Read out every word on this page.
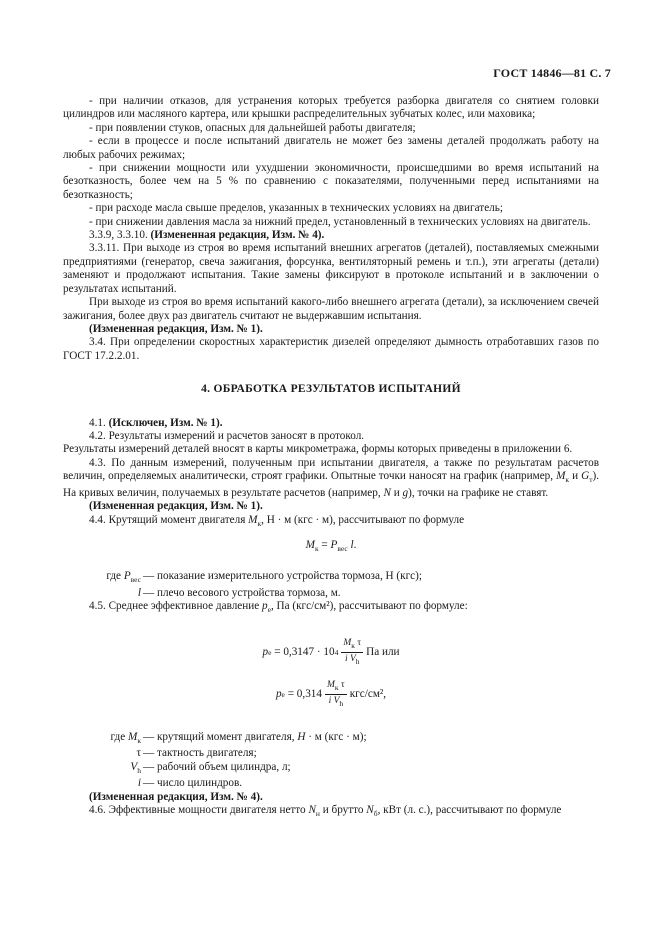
ГОСТ 14846—81 С. 7

- при наличии отказов, для устранения которых требуется разборка двигателя со снятием головки цилиндров или масляного картера, или крышки распределительных зубчатых колес, или маховика;

- при появлении стуков, опасных для дальнейшей работы двигателя;

- если в процессе и после испытаний двигатель не может без замены деталей продолжать работу на любых рабочих режимах;

- при снижении мощности или ухудшении экономичности, происшедшими во время испытаний на безотказность, более чем на 5 % по сравнению с показателями, полученными перед испытаниями на безотказность;

- при расходе масла свыше пределов, указанных в технических условиях на двигатель;

- при снижении давления масла за нижний предел, установленный в технических условиях на двигатель.

3.3.9, 3.3.10. (Измененная редакция, Изм. № 4).

3.3.11. При выходе из строя во время испытаний внешних агрегатов (деталей), поставляемых смежными предприятиями (генератор, свеча зажигания, форсунка, вентиляторный ремень и т.п.), эти агрегаты (детали) заменяют и продолжают испытания. Такие замены фиксируют в протоколе испытаний и в заключении о результатах испытаний.

При выходе из строя во время испытаний какого-либо внешнего агрегата (детали), за исключением свечей зажигания, более двух раз двигатель считают не выдержавшим испытания.

(Измененная редакция, Изм. № 1).

3.4. При определении скоростных характеристик дизелей определяют дымность отработавших газов по ГОСТ 17.2.2.01.

4. ОБРАБОТКА РЕЗУЛЬТАТОВ ИСПЫТАНИЙ

4.1. (Исключен, Изм. № 1).

4.2. Результаты измерений и расчетов заносят в протокол.

Результаты измерений деталей вносят в карты микрометража, формы которых приведены в приложении 6.

4.3. По данным измерений, полученным при испытании двигателя, а также по результатам расчетов величин, определяемых аналитически, строят графики. Опытные точки наносят на график (например, $M_к$ и $G_т$). На кривых величин, получаемых в результате расчетов (например, N и g), точки на графике не ставят.

(Измененная редакция, Изм. № 1).

4.4. Крутящий момент двигателя $M_к$, Н · м (кгс · м), рассчитывают по формуле

$M_к = P_{вес}$ l.

где $P_{вес}$ — показание измерительного устройства тормоза, Н (кгс);
l — плечо весового устройства тормоза, м.

4.5. Среднее эффективное давление $p_е$, Па (кгс/см²), рассчитывают по формуле:

p е
=
0,3147 · 10 $4 \frac{M_к \tau}{i V_h}$ Па или
p е
=
$0,314 \frac{M_к \tau}{i V_h} кгс/см^2$,
где $M_к$ — крутящий момент двигателя, H · м (кгс · м);
τ — тактность двигателя;
$V_h$ — рабочий объем цилиндра, л;
i — число цилиндров.

(Измененная редакция, Изм. № 4).

4.6. Эффективные мощности двигателя нетто $N_н$ и брутто $N_б$, кВт (л. с.), рассчитывают по формуле
